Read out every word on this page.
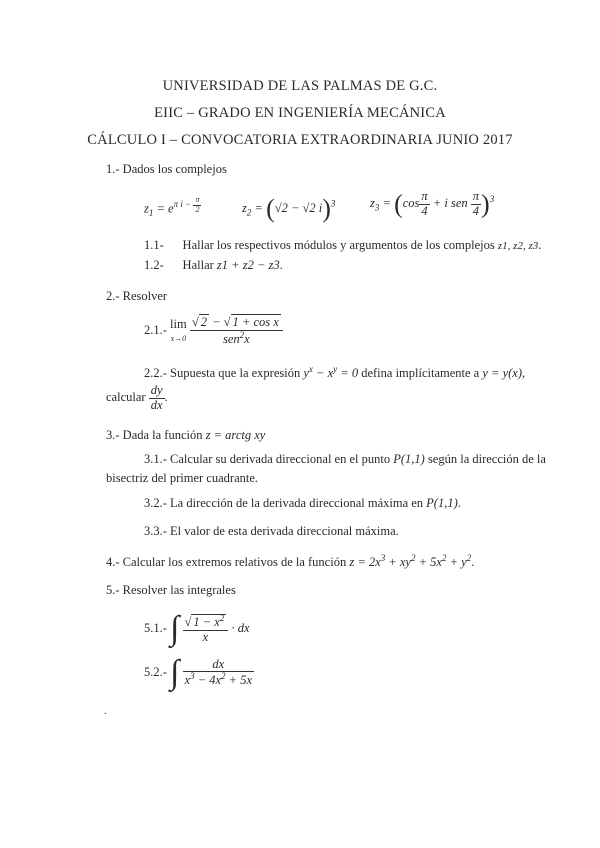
UNIVERSIDAD DE LAS PALMAS DE G.C.
EIIC – GRADO EN INGENIERÍA MECÁNICA
CÁLCULO I – CONVOCATORIA EXTRAORDINARIA JUNIO 2017
1.- Dados los complejos
$z_1 = e^{\pi i - \frac{\pi}{2}}$	$z_2 = (√2 - √2$ i)$^3$	$z_3 = (\cos \frac{\pi}{4} + i$ sen $\frac{\pi}{4} )^3$
1.1- Hallar los respectivos módulos y argumentos de los complejos z1, z2, z3.
1.2- Hallar z1 + z2 − z3.
2.- Resolver
2.1.- lim
$x\to 0 \frac{\text{√ 2 − √ 1 + cos x}}{sen^2x}$
2.2.- Supuesta que la expresión $y^x - x^y = 0$ defina implícitamente a y = y(x),
calcular $\frac{dy}{dx}$ .
3.- Dada la función z = arctg xy
3.1.- Calcular su derivada direccional en el punto P(1,1) según la dirección de la
bisectriz del primer cuadrante.
3.2.- La dirección de la derivada direccional máxima en P(1,1).
3.3.- El valor de esta derivada direccional máxima.
4.- Calcular los extremos relativos de la función $z = 2x^3 + xy^2 + 5x^2 + y^2$.
5.- Resolver las integrales
5.1.- ∫ $\frac{√ 1 - x^2}{x}$ · dx
5.2.- ∫ $\frac{dx}{x^3 - 4x^2 + 5x}$
.
